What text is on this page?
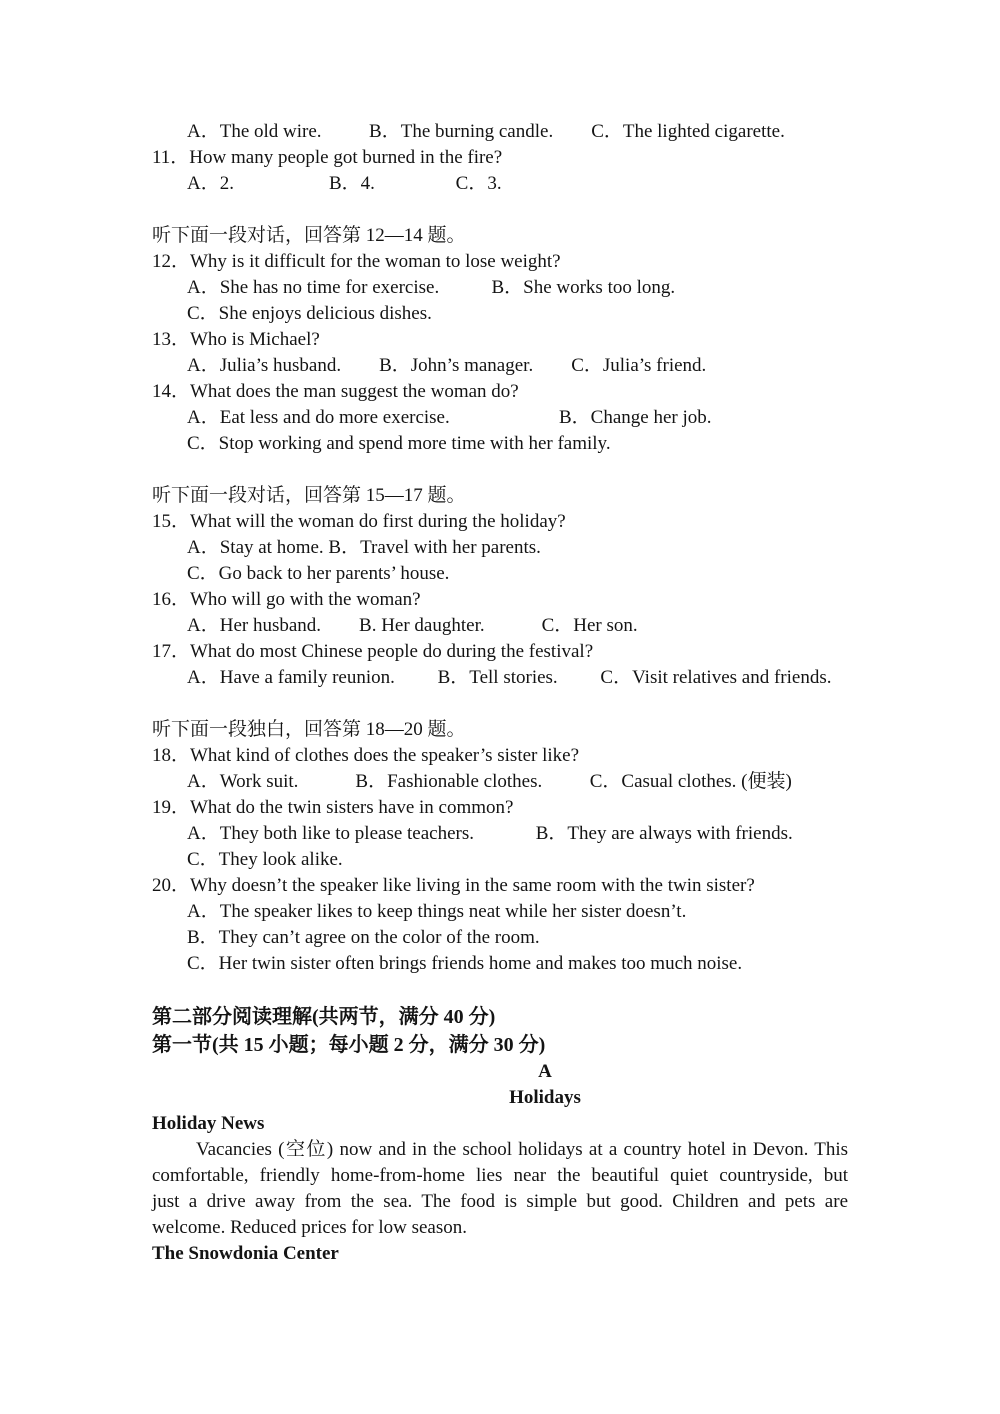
A．The old wire.          B．The burning candle.        C．The lighted cigarette.
11．How many people got burned in the fire?
A．2.                    B．4.                 C．3.
听下面一段对话，回答第 12—14 题。
12．Why is it difficult for the woman to lose weight?
A．She has no time for exercise.           B．She works too long.
C．She enjoys delicious dishes.
13．Who is Michael?
A．Julia’s husband.        B．John’s manager.        C．Julia’s friend.
14．What does the man suggest the woman do?
A．Eat less and do more exercise.                       B．Change her job.
C．Stop working and spend more time with her family.
听下面一段对话，回答第 15—17 题。
15．What will the woman do first during the holiday?
A．Stay at home. B．Travel with her parents.
C．Go back to her parents’ house.
16．Who will go with the woman?
A．Her husband.        B. Her daughter.            C．Her son.
17．What do most Chinese people do during the festival?
A．Have a family reunion.         B．Tell stories.         C．Visit relatives and friends.
听下面一段独白，回答第 18—20 题。
18．What kind of clothes does the speaker’s sister like?
A．Work suit.            B．Fashionable clothes.          C．Casual clothes. (便装)
19．What do the twin sisters have in common?
A．They both like to please teachers.             B．They are always with friends.
C．They look alike.
20．Why doesn’t the speaker like living in the same room with the twin sister?
A．The speaker likes to keep things neat while her sister doesn’t.
B．They can’t agree on the color of the room.
C．Her twin sister often brings friends home and makes too much noise.
第二部分阅读理解(共两节，满分 40 分)
第一节(共 15 小题；每小题 2 分，满分 30 分)
A
Holidays
Holiday News
Vacancies (空位) now and in the school holidays at a country hotel in Devon. This
comfortable, friendly home-from-home lies near the beautiful quiet countryside, but
just a drive away from the sea. The food is simple but good. Children and pets are
welcome. Reduced prices for low season.
The Snowdonia Center
